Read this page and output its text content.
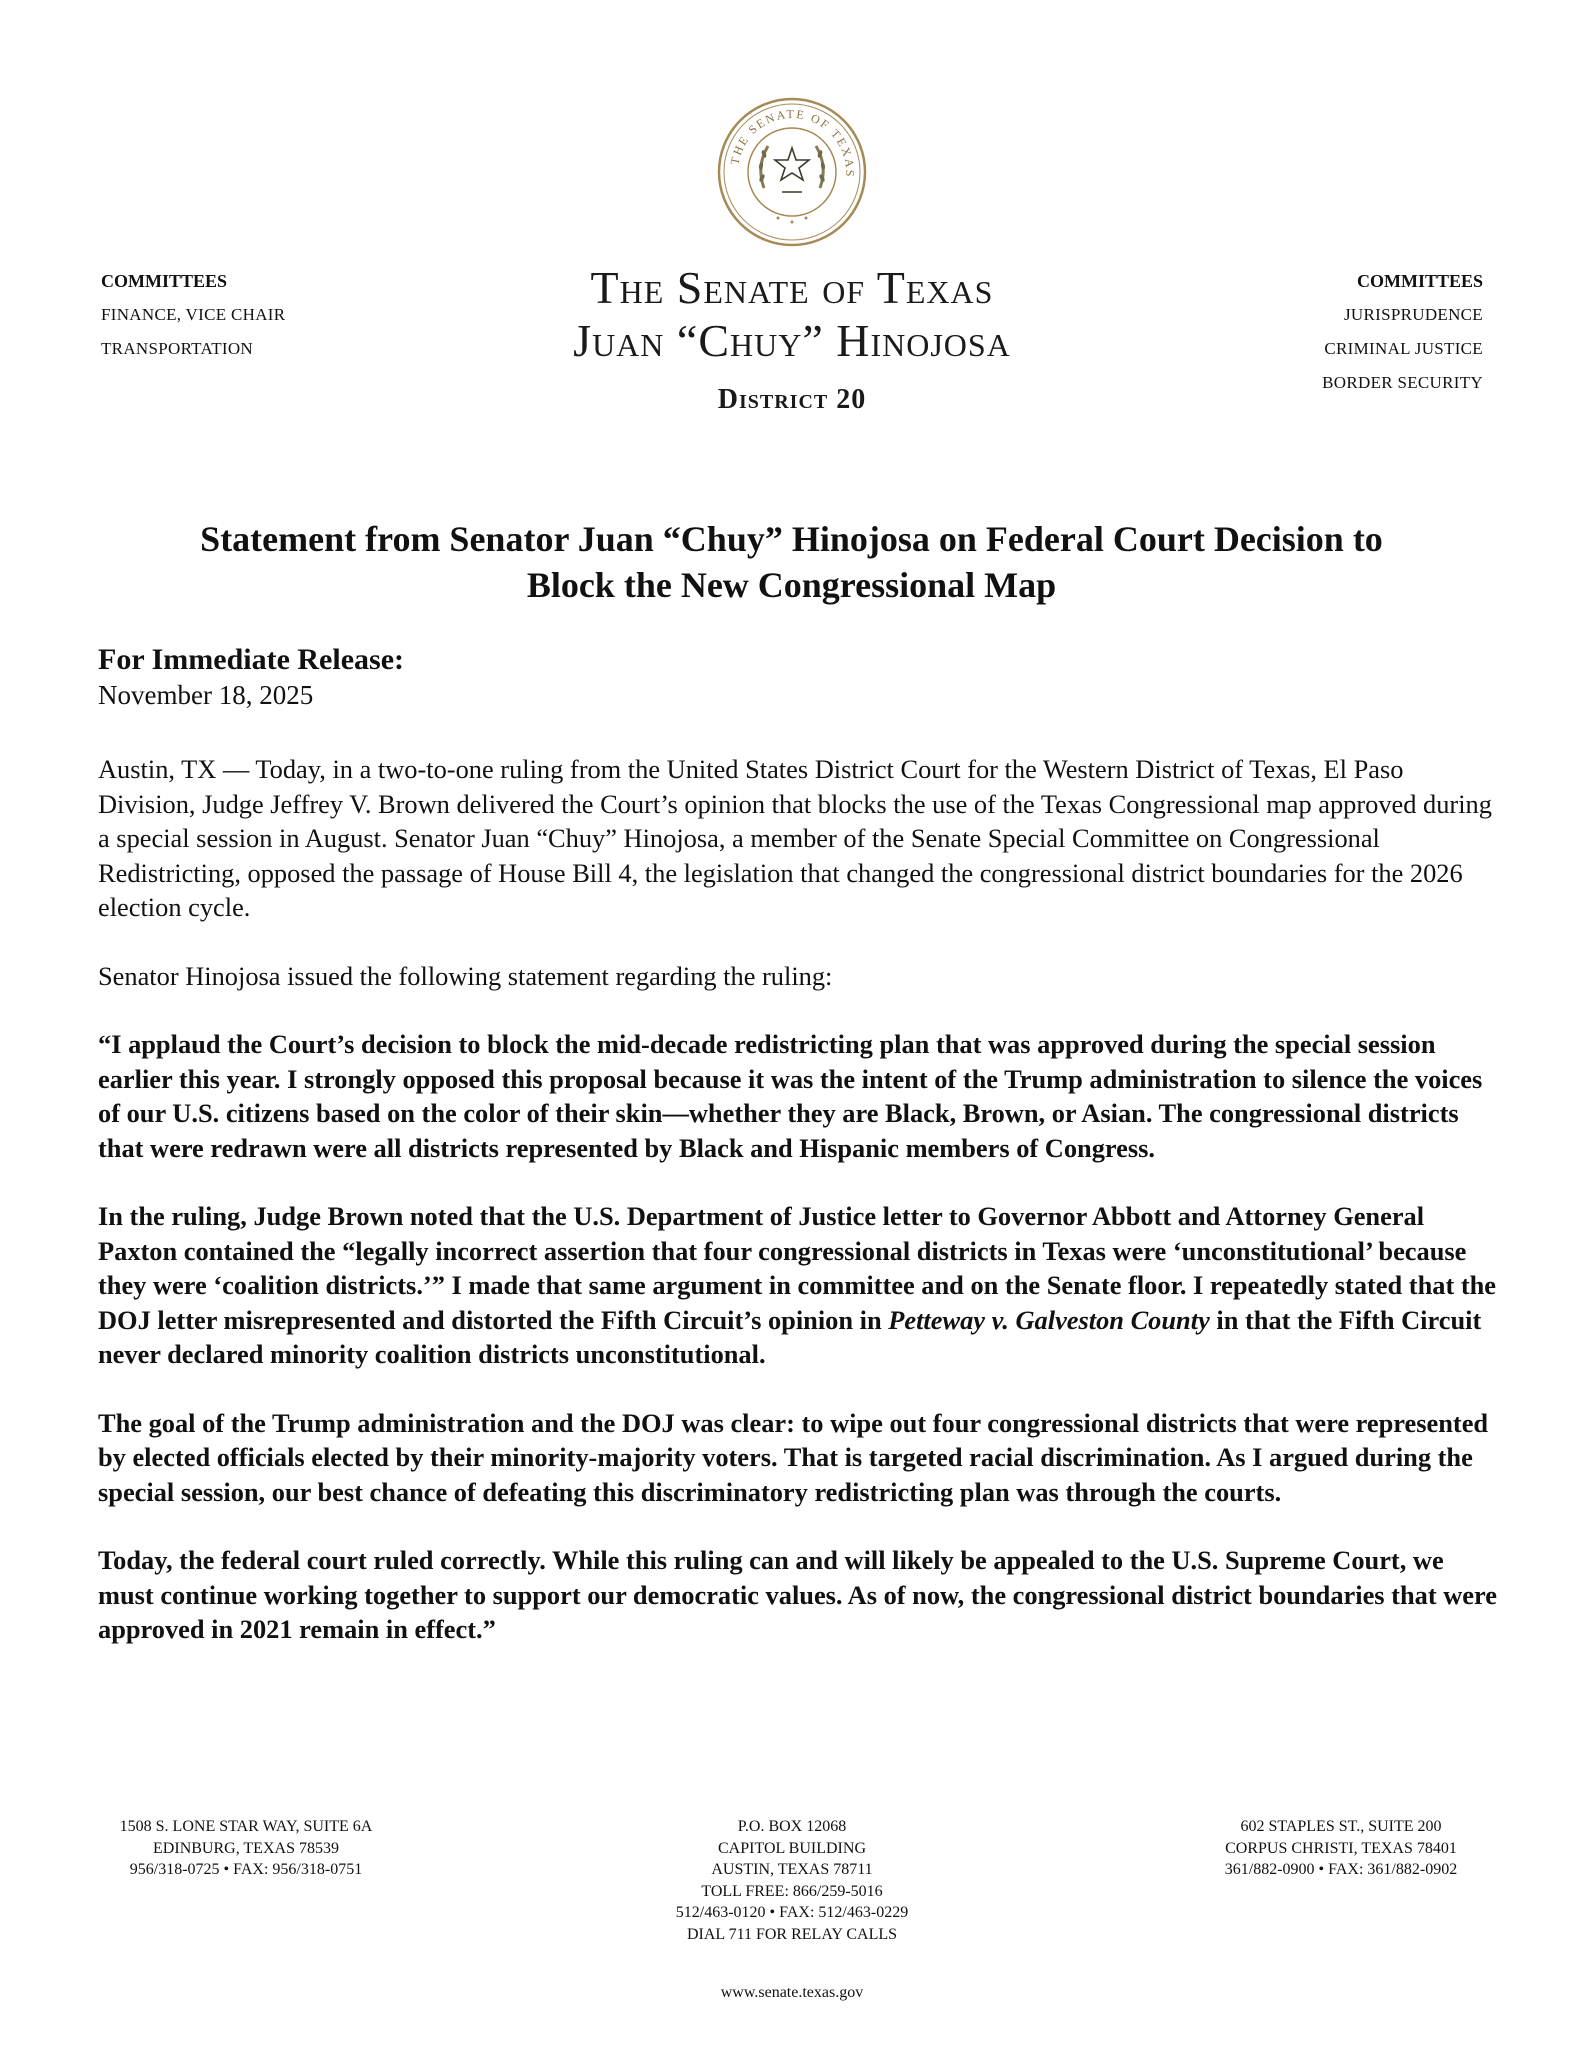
THE SENATE OF TEXAS
COMMITTEES
FINANCE, VICE CHAIR
TRANSPORTATION
The Senate of Texas
Juan “Chuy” Hinojosa
District 20
COMMITTEES
JURISPRUDENCE
CRIMINAL JUSTICE
BORDER SECURITY
Statement from Senator Juan “Chuy” Hinojosa on Federal Court Decision to
Block the New Congressional Map
For Immediate Release:
November 18, 2025

Austin, TX — Today, in a two-to-one ruling from the United States District Court for the Western District of Texas, El Paso Division, Judge Jeffrey V. Brown delivered the Court’s opinion that blocks the use of the Texas Congressional map approved during a special session in August. Senator Juan “Chuy” Hinojosa, a member of the Senate Special Committee on Congressional Redistricting, opposed the passage of House Bill 4, the legislation that changed the congressional district boundaries for the 2026 election cycle.

Senator Hinojosa issued the following statement regarding the ruling:

“I applaud the Court’s decision to block the mid-decade redistricting plan that was approved during the special session earlier this year. I strongly opposed this proposal because it was the intent of the Trump administration to silence the voices of our U.S. citizens based on the color of their skin—whether they are Black, Brown, or Asian. The congressional districts that were redrawn were all districts represented by Black and Hispanic members of Congress.

In the ruling, Judge Brown noted that the U.S. Department of Justice letter to Governor Abbott and Attorney General Paxton contained the “legally incorrect assertion that four congressional districts in Texas were ‘unconstitutional’ because they were ‘coalition districts.’” I made that same argument in committee and on the Senate floor. I repeatedly stated that the DOJ letter misrepresented and distorted the Fifth Circuit’s opinion in Petteway v. Galveston County in that the Fifth Circuit never declared minority coalition districts unconstitutional.

The goal of the Trump administration and the DOJ was clear: to wipe out four congressional districts that were represented by elected officials elected by their minority-majority voters. That is targeted racial discrimination. As I argued during the special session, our best chance of defeating this discriminatory redistricting plan was through the courts.

Today, the federal court ruled correctly. While this ruling can and will likely be appealed to the U.S. Supreme Court, we must continue working together to support our democratic values. As of now, the congressional district boundaries that were approved in 2021 remain in effect.”

1508 S. LONE STAR WAY, SUITE 6A
EDINBURG, TEXAS 78539
956/318-0725 • FAX: 956/318-0751
P.O. BOX 12068
CAPITOL BUILDING
AUSTIN, TEXAS 78711
TOLL FREE: 866/259-5016
512/463-0120 • FAX: 512/463-0229
DIAL 711 FOR RELAY CALLS
602 STAPLES ST., SUITE 200
CORPUS CHRISTI, TEXAS 78401
361/882-0900 • FAX: 361/882-0902
www.senate.texas.gov
